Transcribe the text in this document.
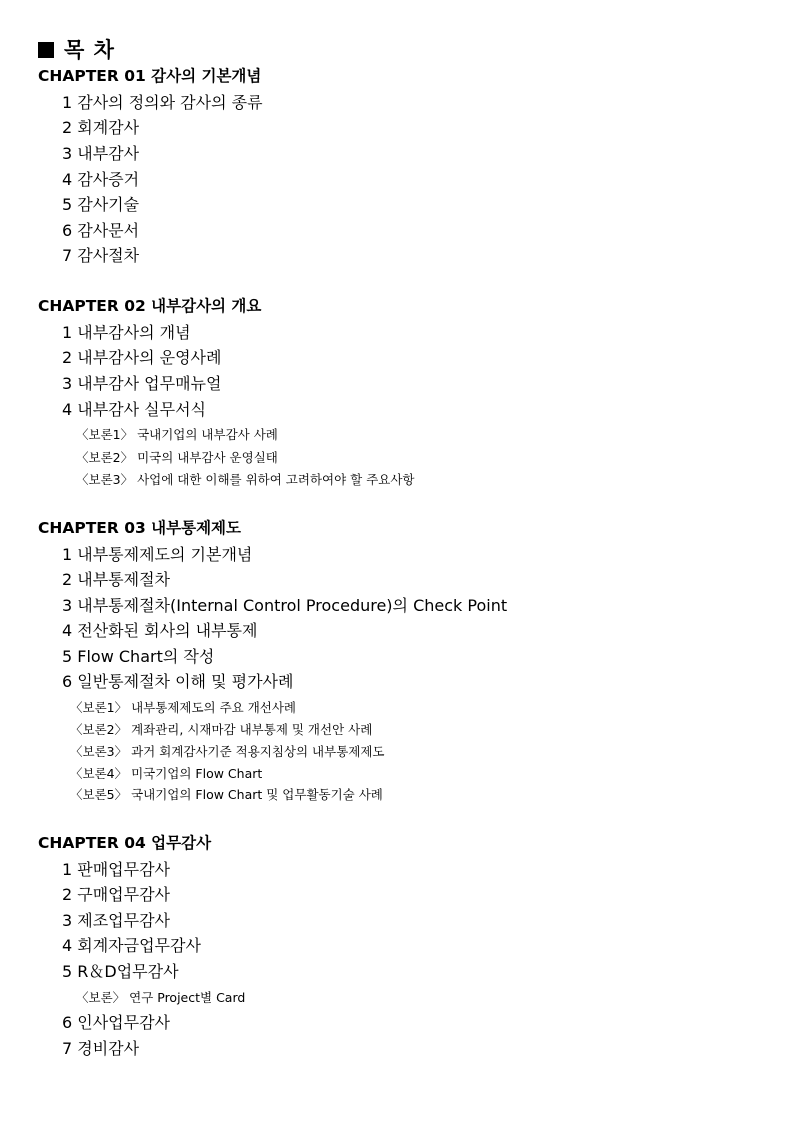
목 차
CHAPTER 01 감사의 기본개념
1 감사의 정의와 감사의 종류
2 회계감사
3 내부감사
4 감사증거
5 감사기술
6 감사문서
7 감사절차
CHAPTER 02 내부감사의 개요
1 내부감사의 개념
2 내부감사의 운영사례
3 내부감사 업무매뉴얼
4 내부감사 실무서식
〈보론1〉 국내기업의 내부감사 사례
〈보론2〉 미국의 내부감사 운영실태
〈보론3〉 사업에 대한 이해를 위하여 고려하여야 할 주요사항
CHAPTER 03 내부통제제도
1 내부통제제도의 기본개념
2 내부통제절차
3 내부통제절차(Internal Control Procedure)의 Check Point
4 전산화된 회사의 내부통제
5 Flow Chart의 작성
6 일반통제절차 이해 및 평가사례
〈보론1〉 내부통제제도의 주요 개선사례
〈보론2〉 계좌관리, 시재마감 내부통제 및 개선안 사례
〈보론3〉 과거 회계감사기준 적용지침상의 내부통제제도
〈보론4〉 미국기업의 Flow Chart
〈보론5〉 국내기업의 Flow Chart 및 업무활동기술 사례
CHAPTER 04 업무감사
1 판매업무감사
2 구매업무감사
3 제조업무감사
4 회계자금업무감사
5 R＆D업무감사
〈보론〉 연구 Project별 Card
6 인사업무감사
7 경비감사
